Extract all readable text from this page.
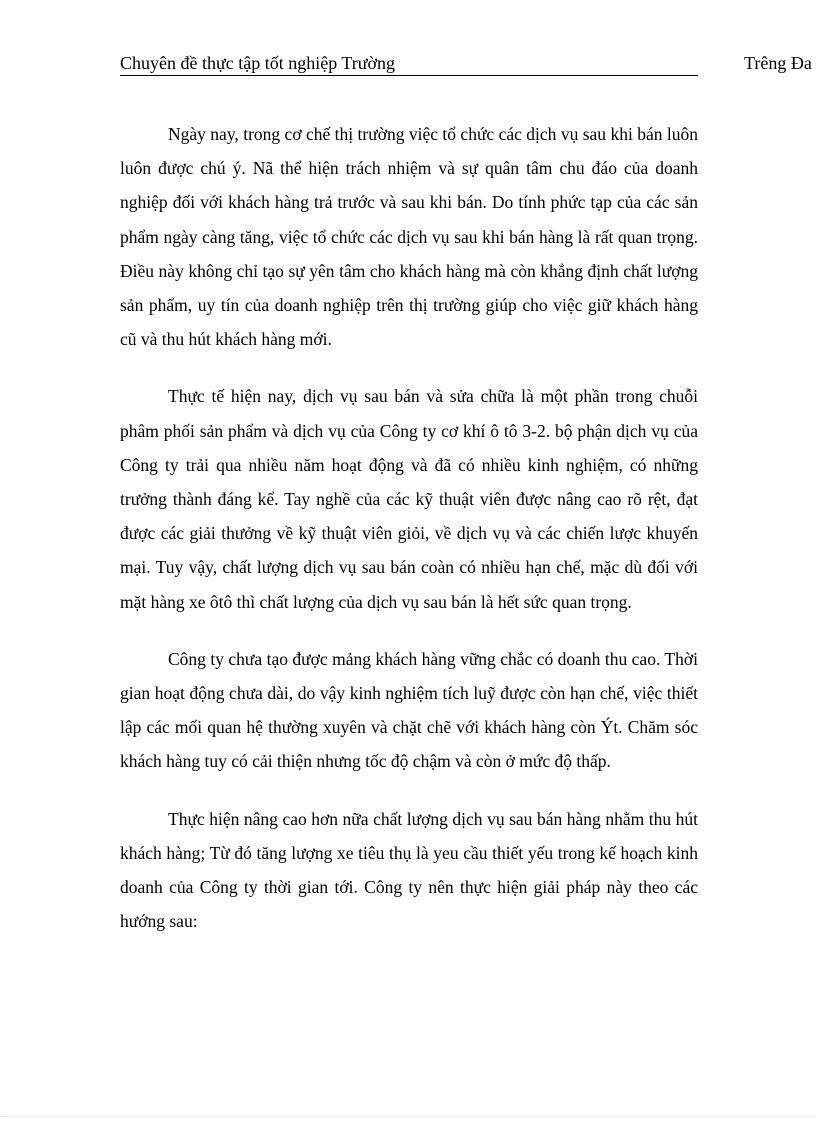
Chuyên đề thực tập tốt nghiệp Trường	Trêng Đa

Ngày nay, trong cơ chế thị trường việc tổ chức các dịch vụ sau khi bán luôn luôn được chú ý. Nã thể hiện trách nhiệm và sự quân tâm chu đáo của doanh nghiệp đối với khách hàng trả trước và sau khi bán. Do tính phức tạp của các sản phẩm ngày càng tăng, việc tổ chức các dịch vụ sau khi bán hàng là rất quan trọng. Điều này không chỉ tạo sự yên tâm cho khách hàng mà còn khẳng định chất lượng sản phẩm, uy tín của doanh nghiệp trên thị trường giúp cho việc giữ khách hàng cũ và thu hút khách hàng mới.

Thực tế hiện nay, dịch vụ sau bán và sửa chữa là một phần trong chuỗi phâm phối sản phẩm và dịch vụ của Công ty cơ khí ô tô 3-2. bộ phận dịch vụ của Công ty trải qua nhiều năm hoạt động và đã có nhiều kinh nghiệm, có những trưởng thành đáng kể. Tay nghề của các kỹ thuật viên được nâng cao rõ rệt, đạt được các giải thưởng về kỹ thuật viên giỏi, về dịch vụ và các chiến lược khuyến mại. Tuy vậy, chất lượng dịch vụ sau bán coàn có nhiều hạn chế, mặc dù đối với mặt hàng xe ôtô thì chất lượng của dịch vụ sau bán là hết sức quan trọng.

Công ty chưa tạo được mảng khách hàng vững chắc có doanh thu cao. Thời gian hoạt động chưa dài, do vậy kinh nghiệm tích luỹ được còn hạn chế, việc thiết lập các mối quan hệ thường xuyên và chặt chẽ với khách hàng còn Ýt. Chăm sóc khách hàng tuy có cải thiện nhưng tốc độ chậm và còn ở mức độ thấp.

Thực hiện nâng cao hơn nữa chất lượng dịch vụ sau bán hàng nhằm thu hút khách hàng; Từ đó tăng lượng xe tiêu thụ là yeu cầu thiết yếu trong kế hoạch kinh doanh của Công ty thời gian tới. Công ty nên thực hiện giải pháp này theo các hướng sau:
